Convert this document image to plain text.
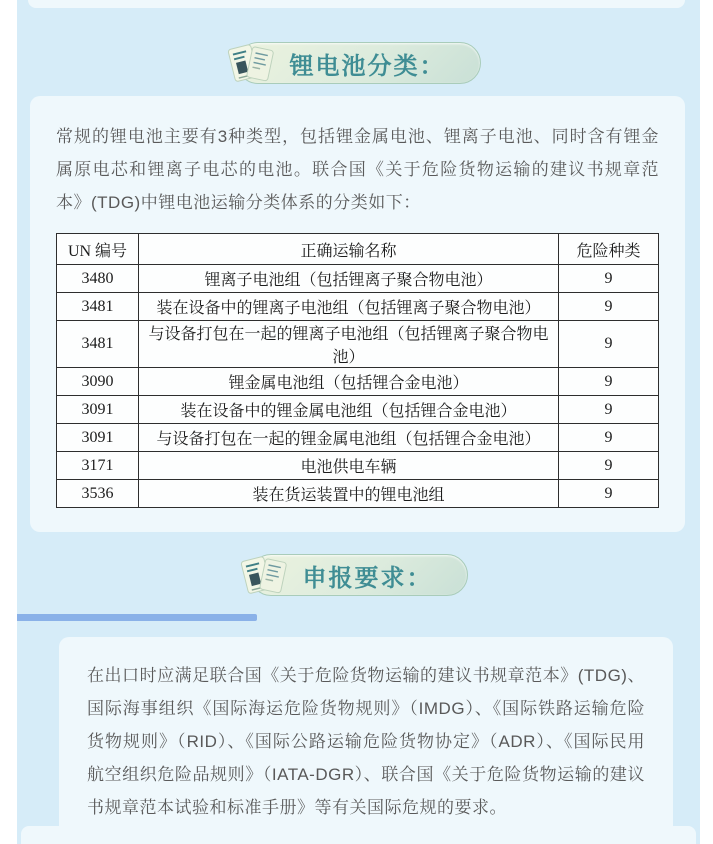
锂电池分类：

常规的锂电池主要有3种类型，包括锂金属电池、锂离子电池、同时含有锂金属原电芯和锂离子电芯的电池。联合国《关于危险货物运输的建议书规章范本》(TDG)中锂电池运输分类体系的分类如下：

UN 编号	正确运输名称	危险种类
3480	锂离子电池组（包括锂离子聚合物电池）	9
3481	装在设备中的锂离子电池组（包括锂离子聚合物电池）	9
3481	与设备打包在一起的锂离子电池组（包括锂离子聚合物电池）	9
3090	锂金属电池组（包括锂合金电池）	9
3091	装在设备中的锂金属电池组（包括锂合金电池）	9
3091	与设备打包在一起的锂金属电池组（包括锂合金电池）	9
3171	电池供电车辆	9
3536	装在货运装置中的锂电池组	9
申报要求：

在出口时应满足联合国《关于危险货物运输的建议书规章范本》(TDG)、国际海事组织《国际海运危险货物规则》（IMDG）、《国际铁路运输危险货物规则》（RID）、《国际公路运输危险货物协定》（ADR）、《国际民用航空组织危险品规则》（IATA-DGR）、联合国《关于危险货物运输的建议书规章范本试验和标准手册》等有关国际危规的要求。
